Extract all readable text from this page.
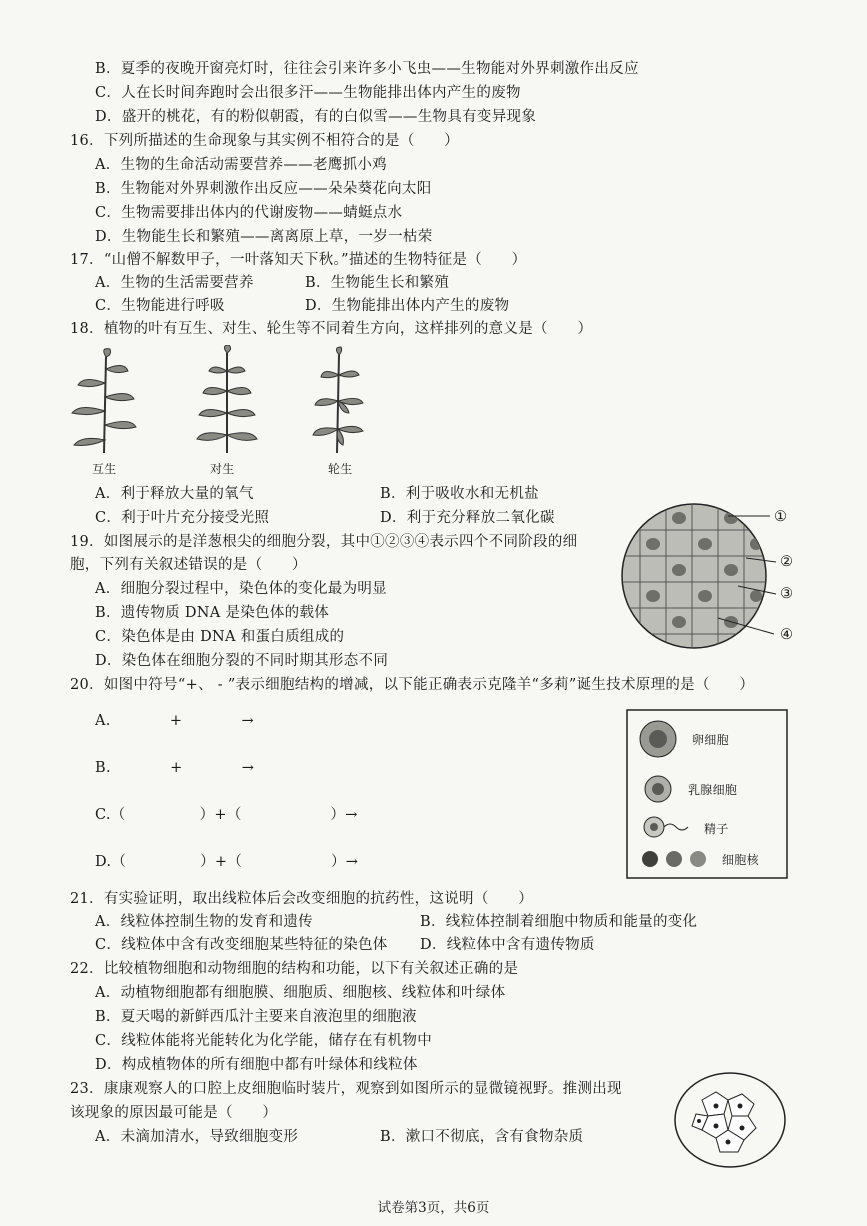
B．夏季的夜晚开窗亮灯时，往往会引来许多小飞虫——生物能对外界刺激作出反应
C．人在长时间奔跑时会出很多汗——生物能排出体内产生的废物
D．盛开的桃花，有的粉似朝霞，有的白似雪——生物具有变异现象
16．下列所描述的生命现象与其实例不相符合的是（　　）
A．生物的生命活动需要营养——老鹰抓小鸡
B．生物能对外界刺激作出反应——朵朵葵花向太阳
C．生物需要排出体内的代谢废物——蜻蜓点水
D．生物能生长和繁殖——离离原上草，一岁一枯荣
17．“山僧不解数甲子，一叶落知天下秋。”描述的生物特征是（　　）
A．生物的生活需要营养	B．生物能生长和繁殖
C．生物能进行呼吸	D．生物能排出体内产生的废物
18．植物的叶有互生、对生、轮生等不同着生方向，这样排列的意义是（　　）
互生	对生	轮生
A．利于释放大量的氧气	B．利于吸收水和无机盐
C．利于叶片充分接受光照	D．利于充分释放二氧化碳
19．如图展示的是洋葱根尖的细胞分裂，其中①②③④表示四个不同阶段的细
胞，下列有关叙述错误的是（　　）
A．细胞分裂过程中，染色体的变化最为明显
B．遗传物质 DNA 是染色体的载体
C．染色体是由 DNA 和蛋白质组成的
D．染色体在细胞分裂的不同时期其形态不同
①
②
③
④
20．如图中符号“+、 - ”表示细胞结构的增减，以下能正确表示克隆羊“多莉”诞生技术原理的是（　　）
A.　　　　+　　　　→
B.　　　　+　　　　→
C.（　　　　　）+（　　　　　　）→
D.（　　　　　）+（　　　　　　）→
卵细胞
乳腺细胞
精子
细胞核
21．有实验证明，取出线粒体后会改变细胞的抗药性，这说明（　　）
A．线粒体控制生物的发育和遗传	B．线粒体控制着细胞中物质和能量的变化
C．线粒体中含有改变细胞某些特征的染色体 D．线粒体中含有遗传物质
22．比较植物细胞和动物细胞的结构和功能，以下有关叙述正确的是
A．动植物细胞都有细胞膜、细胞质、细胞核、线粒体和叶绿体
B．夏天喝的新鲜西瓜汁主要来自液泡里的细胞液
C．线粒体能将光能转化为化学能，储存在有机物中
D．构成植物体的所有细胞中都有叶绿体和线粒体
23．康康观察人的口腔上皮细胞临时装片，观察到如图所示的显微镜视野。推测出现
该现象的原因最可能是（　　）
A．未滴加清水，导致细胞变形	B．漱口不彻底，含有食物杂质
试卷第3页，共6页
